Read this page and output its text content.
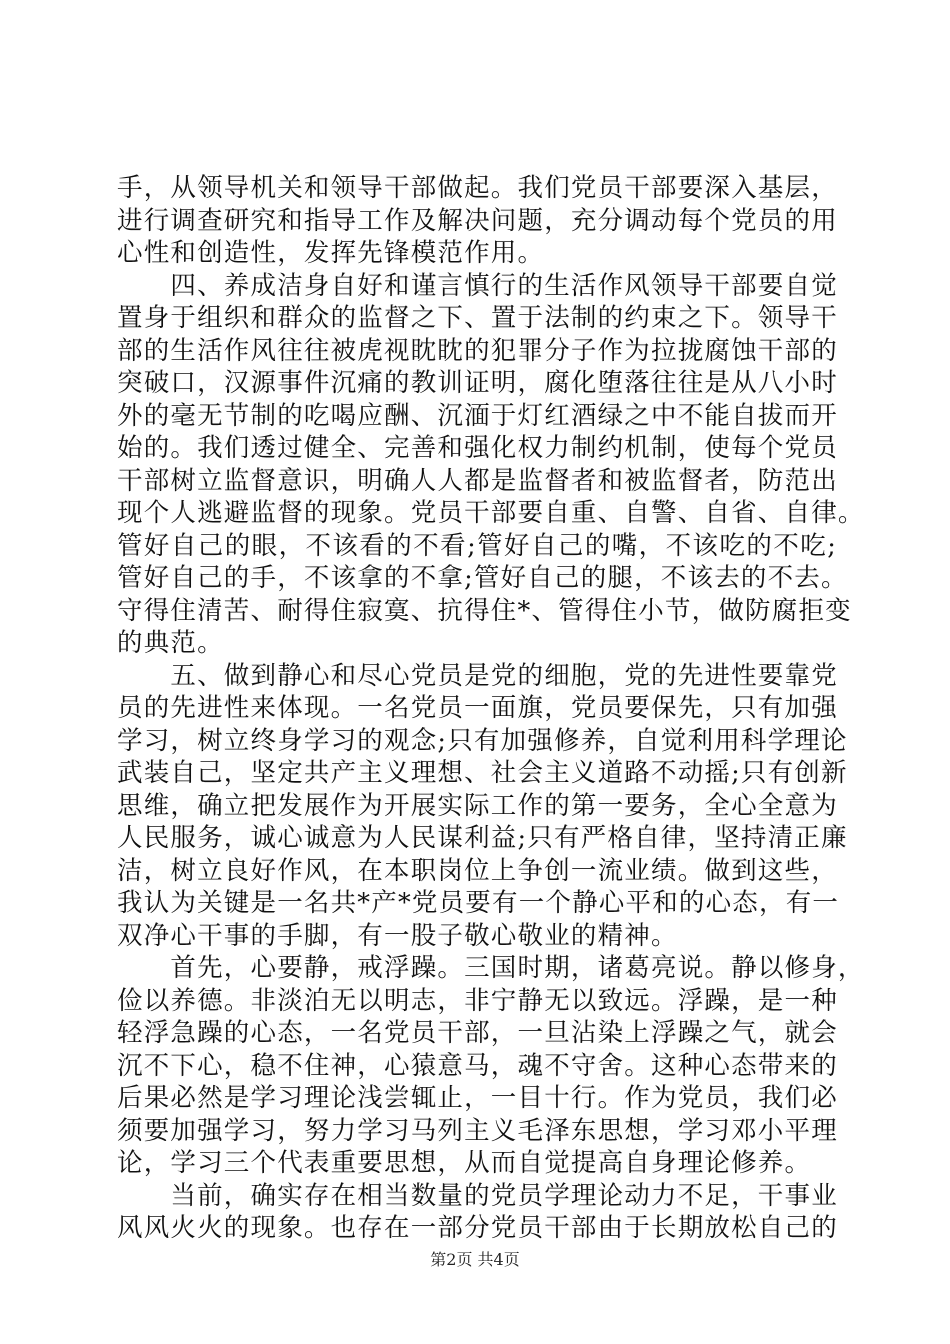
手，从领导机关和领导干部做起。我们党员干部要深入基层，
进行调查研究和指导工作及解决问题，充分调动每个党员的用
心性和创造性，发挥先锋模范作用。
　　四、养成洁身自好和谨言慎行的生活作风领导干部要自觉
置身于组织和群众的监督之下、置于法制的约束之下。领导干
部的生活作风往往被虎视眈眈的犯罪分子作为拉拢腐蚀干部的
突破口，汉源事件沉痛的教训证明，腐化堕落往往是从八小时
外的毫无节制的吃喝应酬、沉湎于灯红酒绿之中不能自拔而开
始的。我们透过健全、完善和强化权力制约机制，使每个党员
干部树立监督意识，明确人人都是监督者和被监督者，防范出
现个人逃避监督的现象。党员干部要自重、自警、自省、自律。
管好自己的眼，不该看的不看;管好自己的嘴，不该吃的不吃;
管好自己的手，不该拿的不拿;管好自己的腿，不该去的不去。
守得住清苦、耐得住寂寞、抗得住*、管得住小节，做防腐拒变
的典范。
　　五、做到静心和尽心党员是党的细胞，党的先进性要靠党
员的先进性来体现。一名党员一面旗，党员要保先，只有加强
学习，树立终身学习的观念;只有加强修养，自觉利用科学理论
武装自己，坚定共产主义理想、社会主义道路不动摇;只有创新
思维，确立把发展作为开展实际工作的第一要务，全心全意为
人民服务，诚心诚意为人民谋利益;只有严格自律，坚持清正廉
洁，树立良好作风，在本职岗位上争创一流业绩。做到这些，
我认为关键是一名共*产*党员要有一个静心平和的心态，有一
双净心干事的手脚，有一股子敬心敬业的精神。
　　首先，心要静，戒浮躁。三国时期，诸葛亮说。静以修身，
俭以养德。非淡泊无以明志，非宁静无以致远。浮躁，是一种
轻浮急躁的心态，一名党员干部，一旦沾染上浮躁之气，就会
沉不下心，稳不住神，心猿意马，魂不守舍。这种心态带来的
后果必然是学习理论浅尝辄止，一目十行。作为党员，我们必
须要加强学习，努力学习马列主义毛泽东思想，学习邓小平理
论，学习三个代表重要思想，从而自觉提高自身理论修养。
　　当前，确实存在相当数量的党员学理论动力不足，干事业
风风火火的现象。也存在一部分党员干部由于长期放松自己的
第2页 共4页
